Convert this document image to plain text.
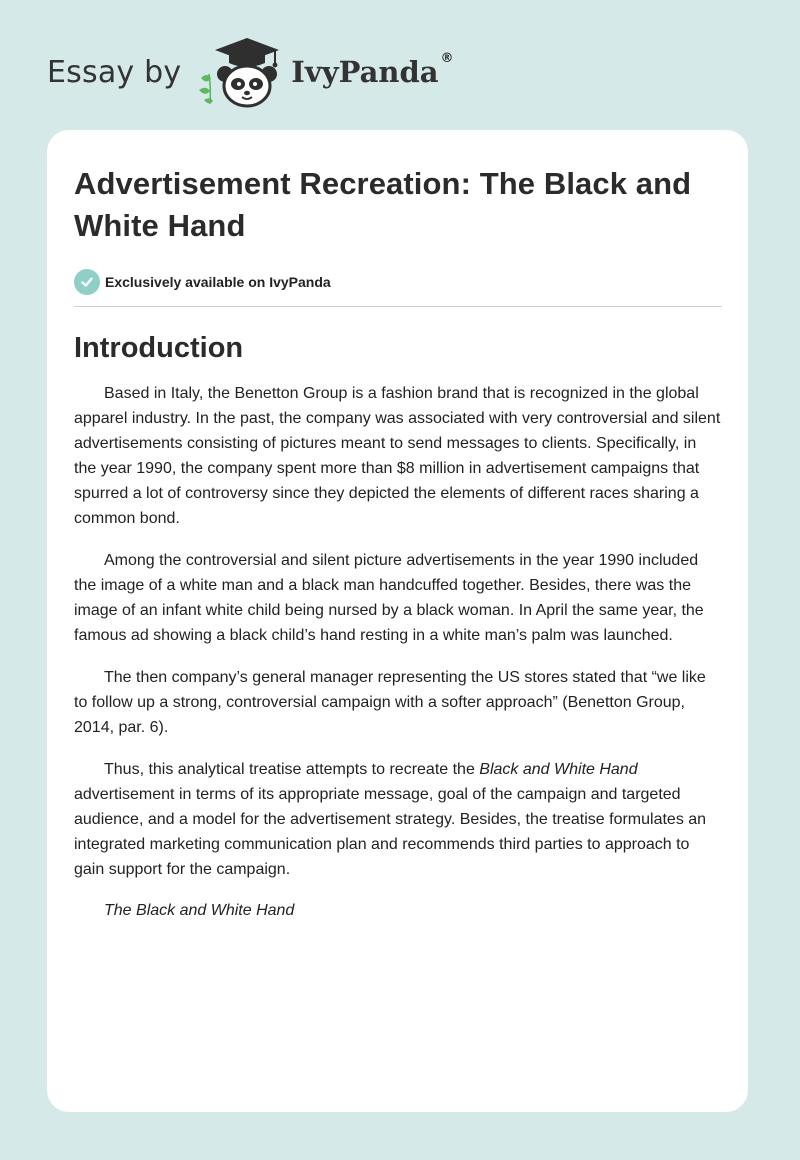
Essay by	IvyPanda ®
Advertisement Recreation: The Black and White Hand
Exclusively available on IvyPanda
Introduction

Based in Italy, the Benetton Group is a fashion brand that is recognized in the global apparel industry. In the past, the company was associated with very controversial and silent advertisements consisting of pictures meant to send messages to clients. Specifically, in the year 1990, the company spent more than $8 million in advertisement campaigns that spurred a lot of controversy since they depicted the elements of different races sharing a common bond.

Among the controversial and silent picture advertisements in the year 1990 included the image of a white man and a black man handcuffed together. Besides, there was the image of an infant white child being nursed by a black woman. In April the same year, the famous ad showing a black child’s hand resting in a white man’s palm was launched.

The then company’s general manager representing the US stores stated that “we like to follow up a strong, controversial campaign with a softer approach” (Benetton Group, 2014, par. 6).

Thus, this analytical treatise attempts to recreate the Black and White Hand advertisement in terms of its appropriate message, goal of the campaign and targeted audience, and a model for the advertisement strategy. Besides, the treatise formulates an integrated marketing communication plan and recommends third parties to approach to gain support for the campaign.

The Black and White Hand
